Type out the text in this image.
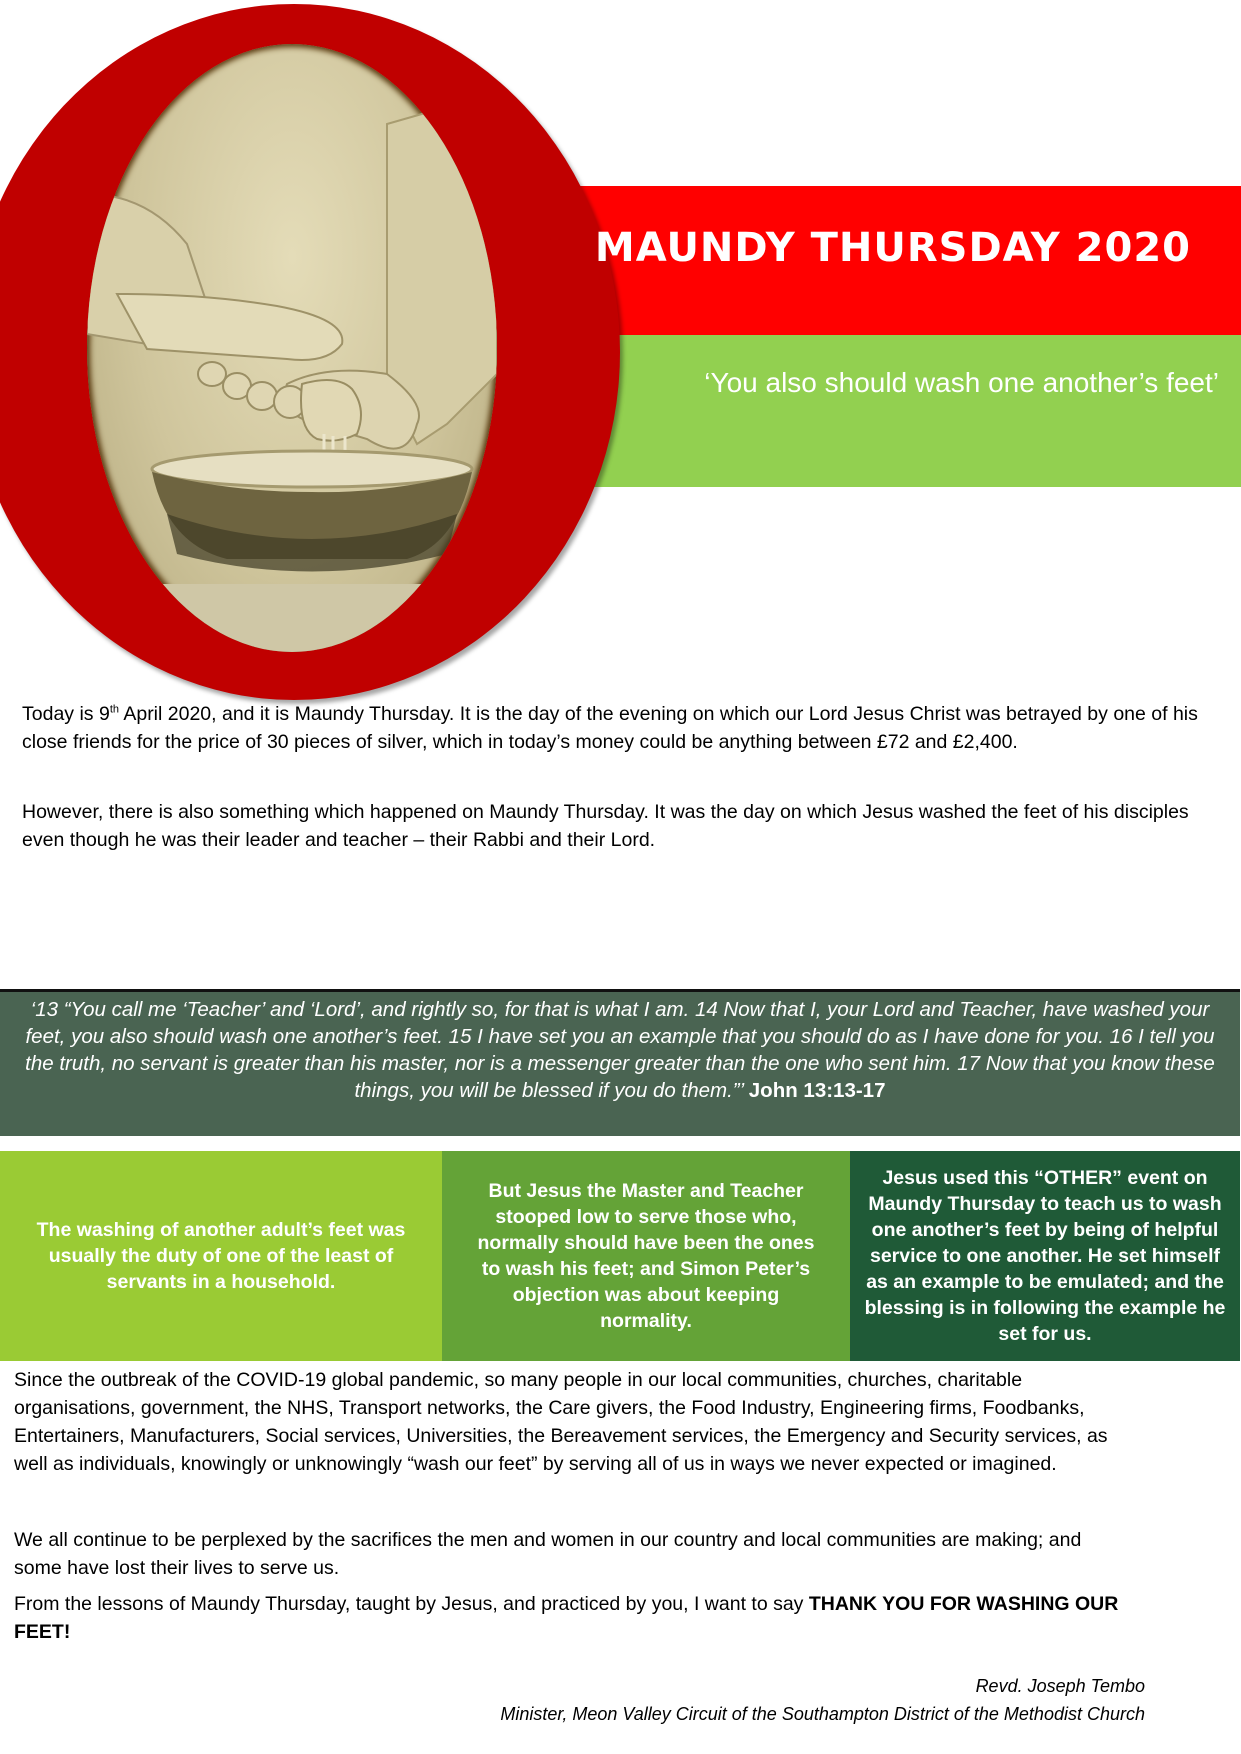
MAUNDY THURSDAY 2020
‘You also should wash one another’s feet’

Today is 9th April 2020, and it is Maundy Thursday. It is the day of the evening on which our Lord Jesus Christ was betrayed by one of his close friends for the price of 30 pieces of silver, which in today’s money could be anything between £72 and £2,400.

However, there is also something which happened on Maundy Thursday. It was the day on which Jesus washed the feet of his disciples even though he was their leader and teacher – their Rabbi and their Lord.

‘13 “You call me ‘Teacher’ and ‘Lord’, and rightly so, for that is what I am. 14 Now that I, your Lord and Teacher, have washed your feet, you also should wash one another’s feet. 15 I have set you an example that you should do as I have done for you. 16 I tell you the truth, no servant is greater than his master, nor is a messenger greater than the one who sent him. 17 Now that you know these things, you will be blessed if you do them.”’ John 13:13-17
The washing of another adult’s feet was usually the duty of one of the least of servants in a household.
But Jesus the Master and Teacher stooped low to serve those who, normally should have been the ones to wash his feet; and Simon Peter’s objection was about keeping normality.
Jesus used this “OTHER” event on Maundy Thursday to teach us to wash one another’s feet by being of helpful service to one another. He set himself as an example to be emulated; and the blessing is in following the example he set for us.

Since the outbreak of the COVID-19 global pandemic, so many people in our local communities, churches, charitable organisations, government, the NHS, Transport networks, the Care givers, the Food Industry, Engineering firms, Foodbanks, Entertainers, Manufacturers, Social services, Universities, the Bereavement services, the Emergency and Security services, as well as individuals, knowingly or unknowingly “wash our feet” by serving all of us in ways we never expected or imagined.

We all continue to be perplexed by the sacrifices the men and women in our country and local communities are making; and some have lost their lives to serve us.

From the lessons of Maundy Thursday, taught by Jesus, and practiced by you, I want to say THANK YOU FOR WASHING OUR FEET!

Revd. Joseph Tembo
Minister, Meon Valley Circuit of the Southampton District of the Methodist Church
